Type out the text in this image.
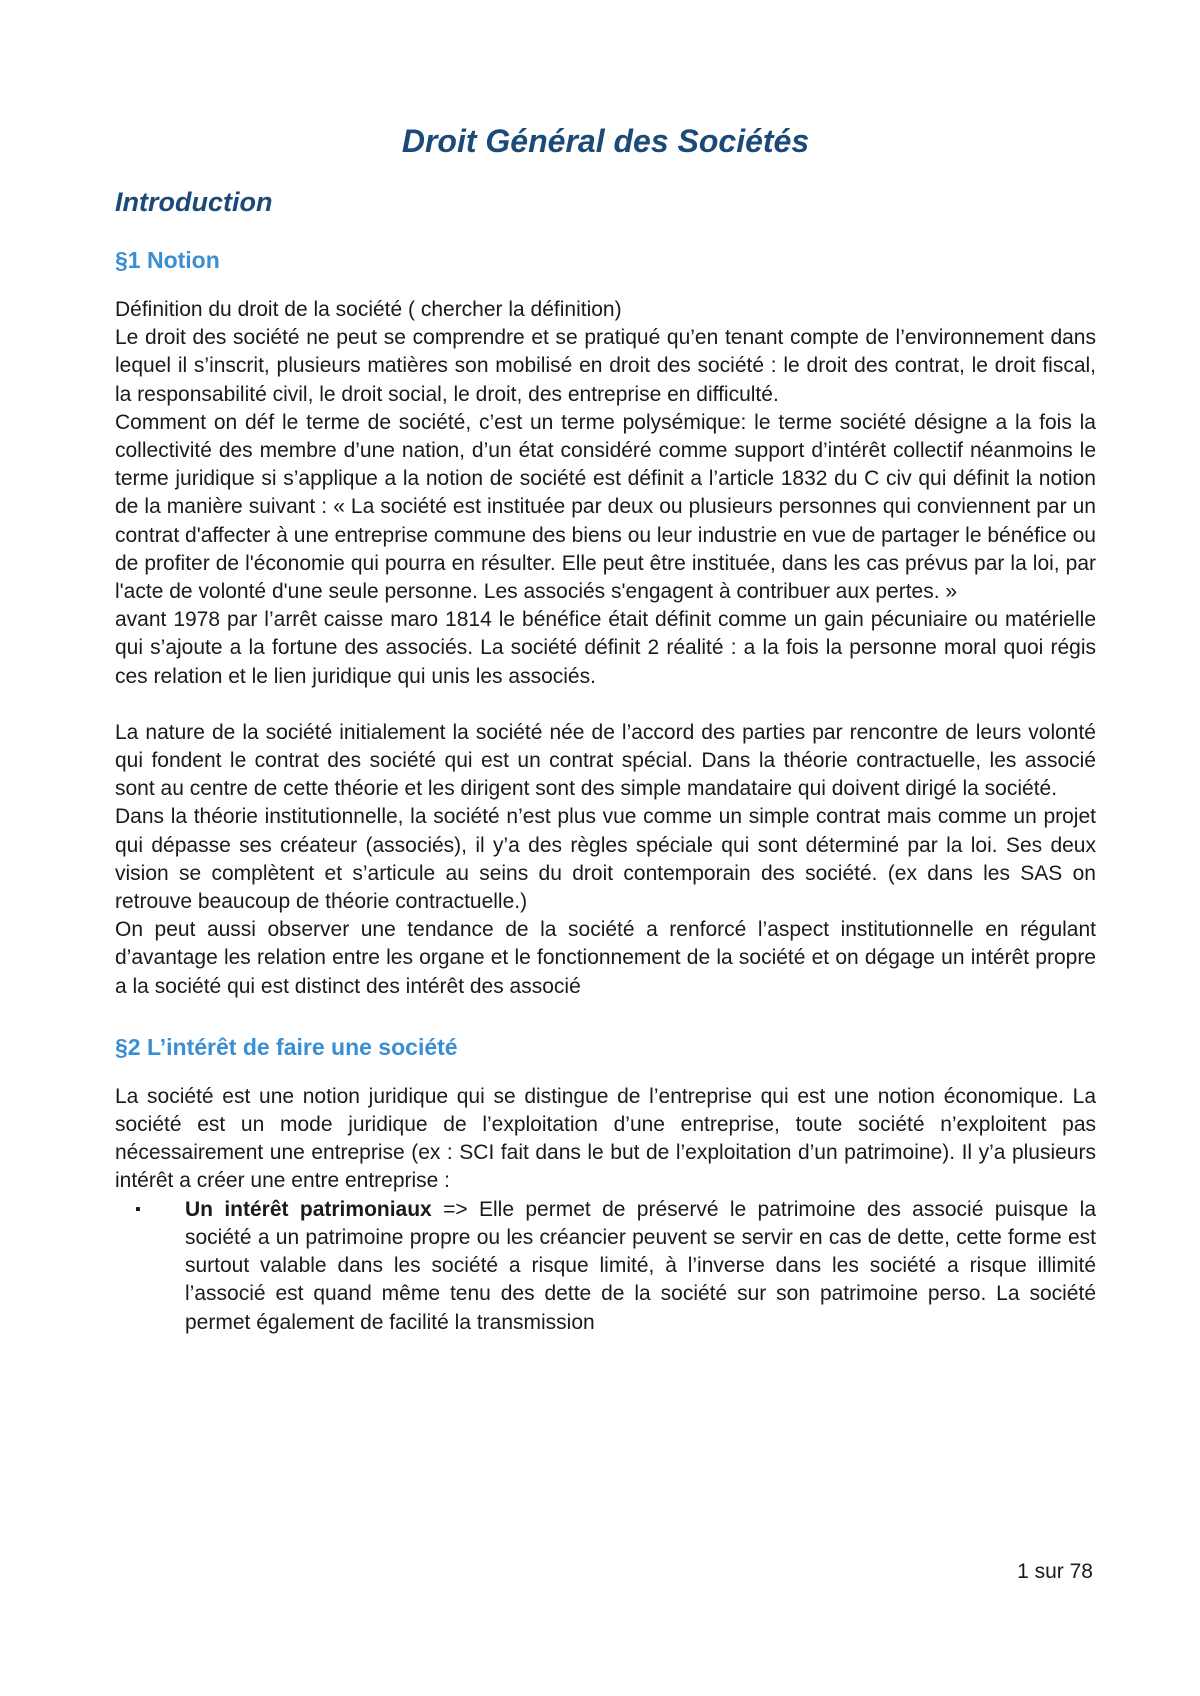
Droit Général des Sociétés
Introduction
§1 Notion

Définition du droit de la société ( chercher la définition)

Le droit des société ne peut se comprendre et se pratiqué qu’en tenant compte de l’environnement dans lequel il s’inscrit, plusieurs matières son mobilisé en droit des société : le droit des contrat, le droit fiscal, la responsabilité civil, le droit social, le droit, des entreprise en difficulté.

Comment on déf le terme de société, c’est un terme polysémique: le terme société désigne a la fois la collectivité des membre d’une nation, d’un état considéré comme support d’intérêt collectif néanmoins le terme juridique si s’applique a la notion de société est définit a l’article 1832 du C civ qui définit la notion de la manière suivant : « La société est instituée par deux ou plusieurs personnes qui conviennent par un contrat d'affecter à une entreprise commune des biens ou leur industrie en vue de partager le bénéfice ou de profiter de l'économie qui pourra en résulter. Elle peut être instituée, dans les cas prévus par la loi, par l'acte de volonté d'une seule personne. Les associés s'engagent à contribuer aux pertes. »

avant 1978 par l’arrêt caisse maro 1814 le bénéfice était définit comme un gain pécuniaire ou matérielle qui s’ajoute a la fortune des associés. La société définit 2 réalité : a la fois la personne moral quoi régis ces relation et le lien juridique qui unis les associés.

La nature de la société initialement la société née de l’accord des parties par rencontre de leurs volonté qui fondent le contrat des société qui est un contrat spécial. Dans la théorie contractuelle, les associé sont au centre de cette théorie et les dirigent sont des simple mandataire qui doivent dirigé la société.

Dans la théorie institutionnelle, la société n’est plus vue comme un simple contrat mais comme un projet qui dépasse ses créateur (associés), il y’a des règles spéciale qui sont déterminé par la loi. Ses deux vision se complètent et s’articule au seins du droit contemporain des société. (ex dans les SAS on retrouve beaucoup de théorie contractuelle.)

On peut aussi observer une tendance de la société a renforcé l’aspect institutionnelle en régulant d’avantage les relation entre les organe et le fonctionnement de la société et on dégage un intérêt propre a la société qui est distinct des intérêt des associé

§2 L’intérêt de faire une société

La société est une notion juridique qui se distingue de l’entreprise qui est une notion économique. La société est un mode juridique de l’exploitation d’une entreprise, toute société n’exploitent pas nécessairement une entreprise (ex : SCI fait dans le but de l’exploitation d’un patrimoine). Il y’a plusieurs intérêt a créer une entre entreprise :

▪ Un intérêt patrimoniaux => Elle permet de préservé le patrimoine des associé puisque la société a un patrimoine propre ou les créancier peuvent se servir en cas de dette, cette forme est surtout valable dans les société a risque limité, à l’inverse dans les société a risque illimité l’associé est quand même tenu des dette de la société sur son patrimoine perso. La société permet également de facilité la transmission
1 sur 78
